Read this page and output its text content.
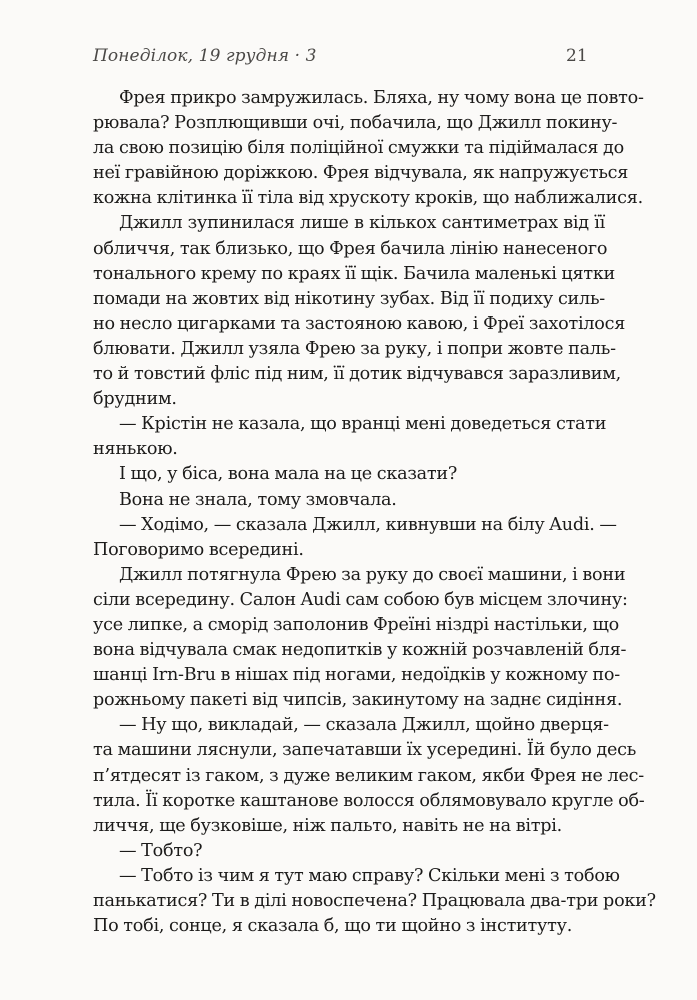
Понеділок, 19 грудня · 3	21
Фрея прикро замружилась. Бляха, ну чому вона це повто-
рювала? Розплющивши очі, побачила, що Джилл покину-
ла свою позицію біля поліційної смужки та підіймалася до
неї гравійною доріжкою. Фрея відчувала, як напружується
кожна клітинка її тіла від хрускоту кроків, що наближалися.
Джилл зупинилася лише в кількох сантиметрах від її
обличчя, так близько, що Фрея бачила лінію нанесеного
тонального крему по краях її щік. Бачила маленькі цятки
помади на жовтих від нікотину зубах. Від її подиху силь-
но несло цигарками та застояною кавою, і Фреї захотілося
блювати. Джилл узяла Фрею за руку, і попри жовте паль-
то й товстий фліс під ним, її дотик відчувався заразливим,
брудним.
— Крістін не казала, що вранці мені доведеться стати
нянькою.
І що, у біса, вона мала на це сказати?
Вона не знала, тому змовчала.
— Ходімо, — сказала Джилл, кивнувши на білу Audi. —
Поговоримо всередині.
Джилл потягнула Фрею за руку до своєї машини, і вони
сіли всередину. Салон Audi сам собою був місцем злочину:
усе липке, а сморід заполонив Фреїні ніздрі настільки, що
вона відчувала смак недопитків у кожній розчавленій бля-
шанці Irn-Bru в нішах під ногами, недоїдків у кожному по-
рожньому пакеті від чипсів, закинутому на заднє сидіння.
— Ну що, викладай, — сказала Джилл, щойно дверця-
та машини ляснули, запечатавши їх усередині. Їй було десь
п’ятдесят із гаком, з дуже великим гаком, якби Фрея не лес-
тила. Її коротке каштанове волосся облямовувало кругле об-
личчя, ще бузковіше, ніж пальто, навіть не на вітрі.
— Тобто?
— Тобто із чим я тут маю справу? Скільки мені з тобою
панькатися? Ти в ділі новоспечена? Працювала два-три роки?
По тобі, сонце, я сказала б, що ти щойно з інституту.
